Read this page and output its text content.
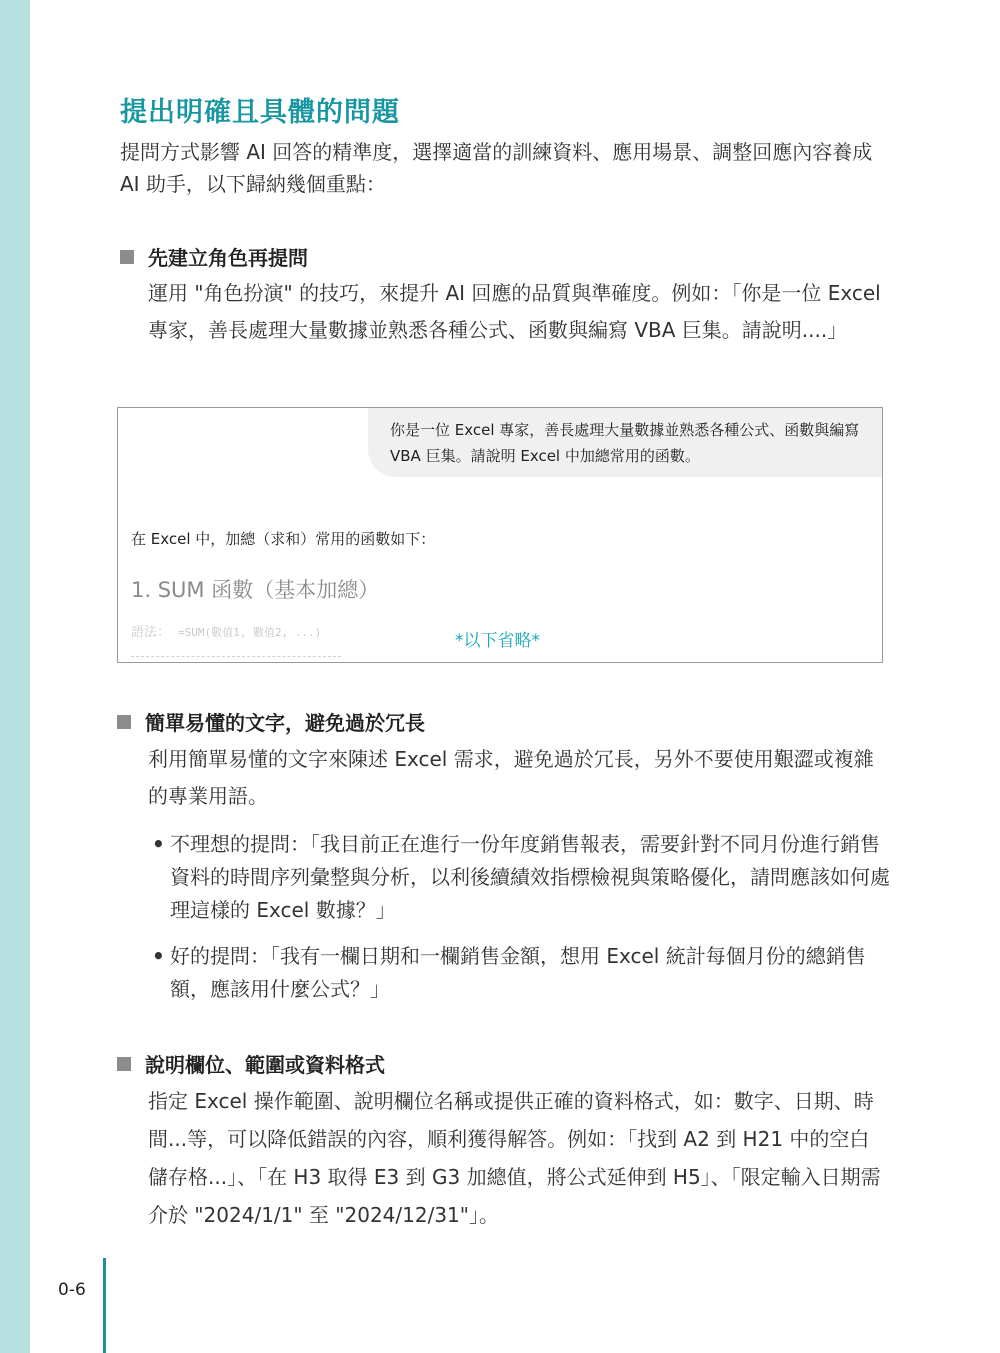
提出明確且具體的問題
提問方式影響 AI 回答的精準度，選擇適當的訓練資料、應用場景、調整回應內容養成 AI 助手，以下歸納幾個重點：
先建立角色再提問
運用 "角色扮演" 的技巧，來提升 AI 回應的品質與準確度。例如：「你是一位 Excel 專家，善長處理大量數據並熟悉各種公式、函數與編寫 VBA 巨集。請說明....」
你是一位 Excel 專家，善長處理大量數據並熟悉各種公式、函數與編寫 VBA 巨集。請說明 Excel 中加總常用的函數。
在 Excel 中，加總（求和）常用的函數如下：
1. SUM 函數（基本加總）
語法： =SUM(數值1, 數值2, ...)	*以下省略*
簡單易懂的文字，避免過於冗長
利用簡單易懂的文字來陳述 Excel 需求，避免過於冗長，另外不要使用艱澀或複雜的專業用語。
• 不理想的提問：「我目前正在進行一份年度銷售報表，需要針對不同月份進行銷售資料的時間序列彙整與分析，以利後續績效指標檢視與策略優化，請問應該如何處理這樣的 Excel 數據？」
• 好的提問：「我有一欄日期和一欄銷售金額，想用 Excel 統計每個月份的總銷售額，應該用什麼公式？」
說明欄位、範圍或資料格式
指定 Excel 操作範圍、說明欄位名稱或提供正確的資料格式，如：數字、日期、時間...等，可以降低錯誤的內容，順利獲得解答。例如：「找到 A2 到 H21 中的空白儲存格...」、「在 H3 取得 E3 到 G3 加總值，將公式延伸到 H5」、「限定輸入日期需介於 "2024/1/1" 至 "2024/12/31"」。
0-6
